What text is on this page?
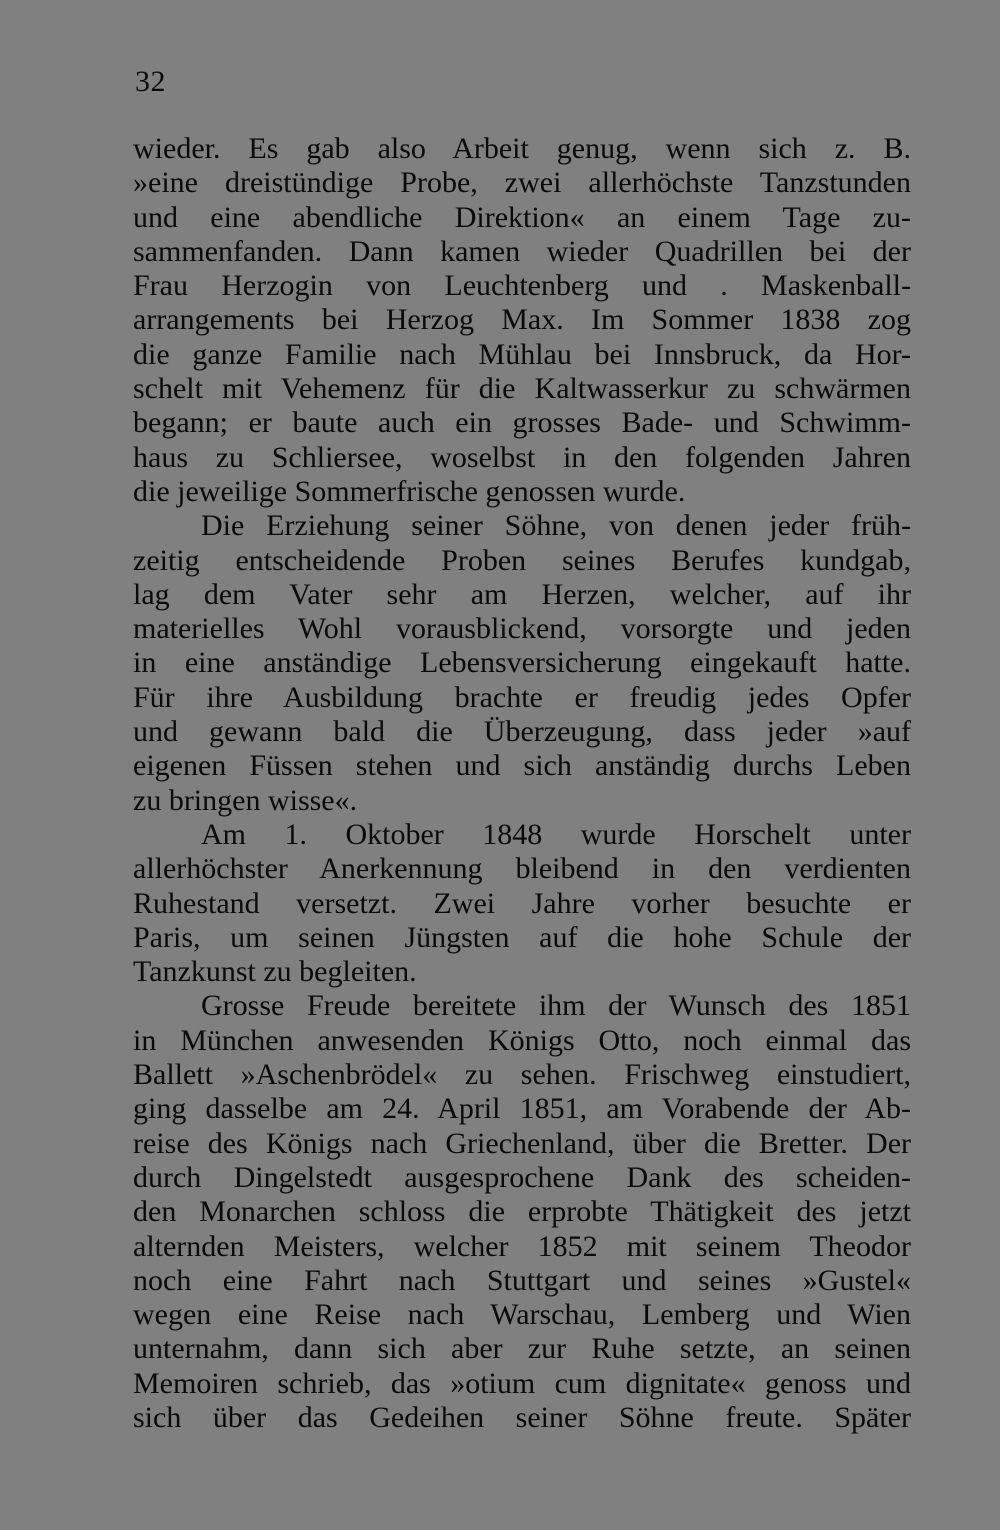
32
wieder. Es gab also Arbeit genug, wenn sich z. B.
»eine dreistündige Probe, zwei allerhöchste Tanzstunden
und eine abendliche Direktion« an einem Tage zu-
sammenfanden. Dann kamen wieder Quadrillen bei der
Frau Herzogin von Leuchtenberg und . Maskenball-
arrangements bei Herzog Max. Im Sommer 1838 zog
die ganze Familie nach Mühlau bei Innsbruck, da Hor-
schelt mit Vehemenz für die Kaltwasserkur zu schwärmen
begann; er baute auch ein grosses Bade- und Schwimm-
haus zu Schliersee, woselbst in den folgenden Jahren
die jeweilige Sommerfrische genossen wurde.
Die Erziehung seiner Söhne, von denen jeder früh-
zeitig entscheidende Proben seines Berufes kundgab,
lag dem Vater sehr am Herzen, welcher, auf ihr
materielles Wohl vorausblickend, vorsorgte und jeden
in eine anständige Lebensversicherung eingekauft hatte.
Für ihre Ausbildung brachte er freudig jedes Opfer
und gewann bald die Überzeugung, dass jeder »auf
eigenen Füssen stehen und sich anständig durchs Leben
zu bringen wisse«.
Am 1. Oktober 1848 wurde Horschelt unter
allerhöchster Anerkennung bleibend in den verdienten
Ruhestand versetzt. Zwei Jahre vorher besuchte er
Paris, um seinen Jüngsten auf die hohe Schule der
Tanzkunst zu begleiten.
Grosse Freude bereitete ihm der Wunsch des 1851
in München anwesenden Königs Otto, noch einmal das
Ballett »Aschenbrödel« zu sehen. Frischweg einstudiert,
ging dasselbe am 24. April 1851, am Vorabende der Ab-
reise des Königs nach Griechenland, über die Bretter. Der
durch Dingelstedt ausgesprochene Dank des scheiden-
den Monarchen schloss die erprobte Thätigkeit des jetzt
alternden Meisters, welcher 1852 mit seinem Theodor
noch eine Fahrt nach Stuttgart und seines »Gustel«
wegen eine Reise nach Warschau, Lemberg und Wien
unternahm, dann sich aber zur Ruhe setzte, an seinen
Memoiren schrieb, das »otium cum dignitate« genoss und
sich über das Gedeihen seiner Söhne freute. Später
